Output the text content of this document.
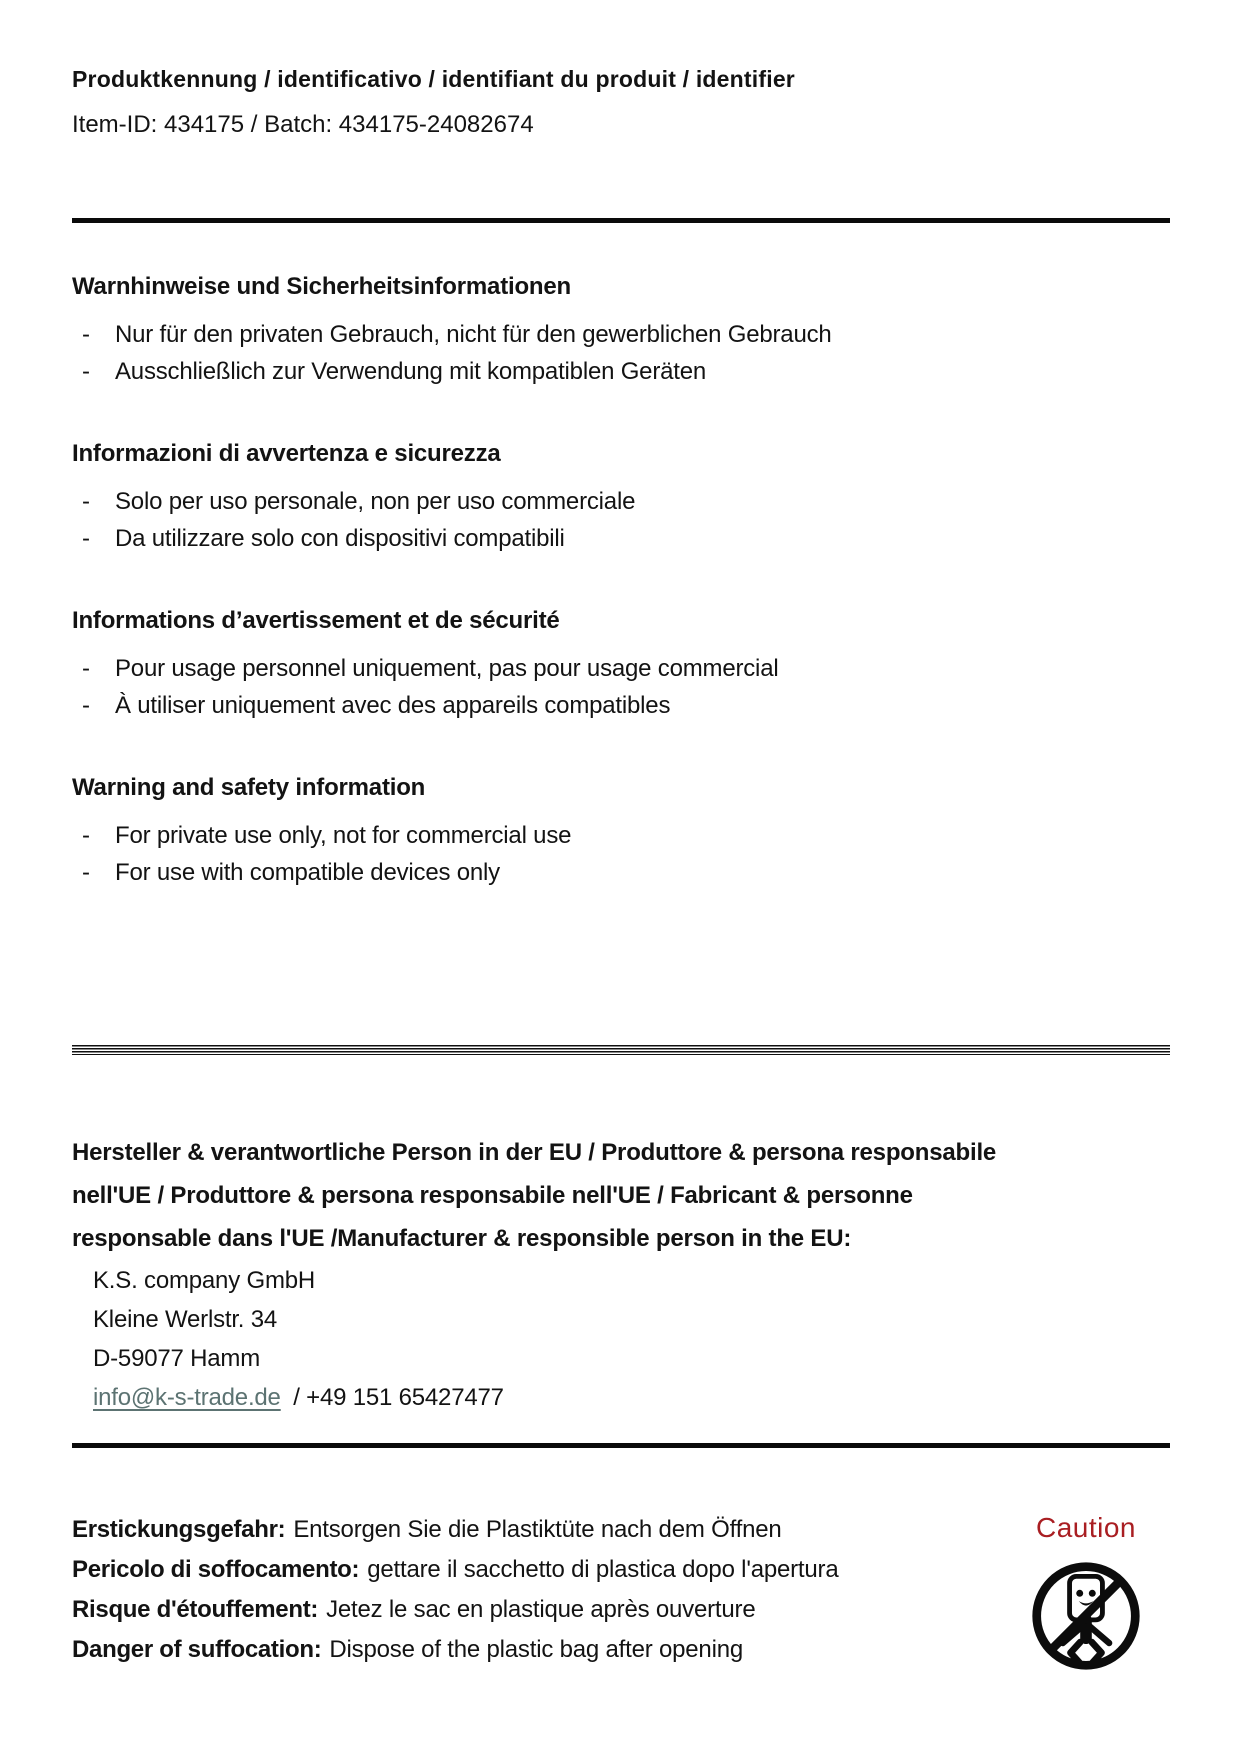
Produktkennung / identificativo / identifiant du produit / identifier

Item-ID: 434175 / Batch: 434175-24082674

Warnhinweise und Sicherheitsinformationen
- Nur für den privaten Gebrauch, nicht für den gewerblichen Gebrauch
- Ausschließlich zur Verwendung mit kompatiblen Geräten
Informazioni di avvertenza e sicurezza
- Solo per uso personale, non per uso commerciale
- Da utilizzare solo con dispositivi compatibili
Informations d’avertissement et de sécurité
- Pour usage personnel uniquement, pas pour usage commercial
- À utiliser uniquement avec des appareils compatibles
Warning and safety information
- For private use only, not for commercial use
- For use with compatible devices only

Hersteller & verantwortliche Person in der EU / Produttore & persona responsabile
nell'UE / Produttore & persona responsabile nell'UE / Fabricant & personne
responsable dans l'UE /Manufacturer & responsible person in the EU:

K.S. company GmbH

Kleine Werlstr. 34

D-59077 Hamm

info@k-s-trade.de / +49 151 65427477

Erstickungsgefahr: Entsorgen Sie die Plastiktüte nach dem Öffnen

Pericolo di soffocamento: gettare il sacchetto di plastica dopo l'apertura

Risque d'étouffement: Jetez le sac en plastique après ouverture

Danger of suffocation: Dispose of the plastic bag after opening

Caution
